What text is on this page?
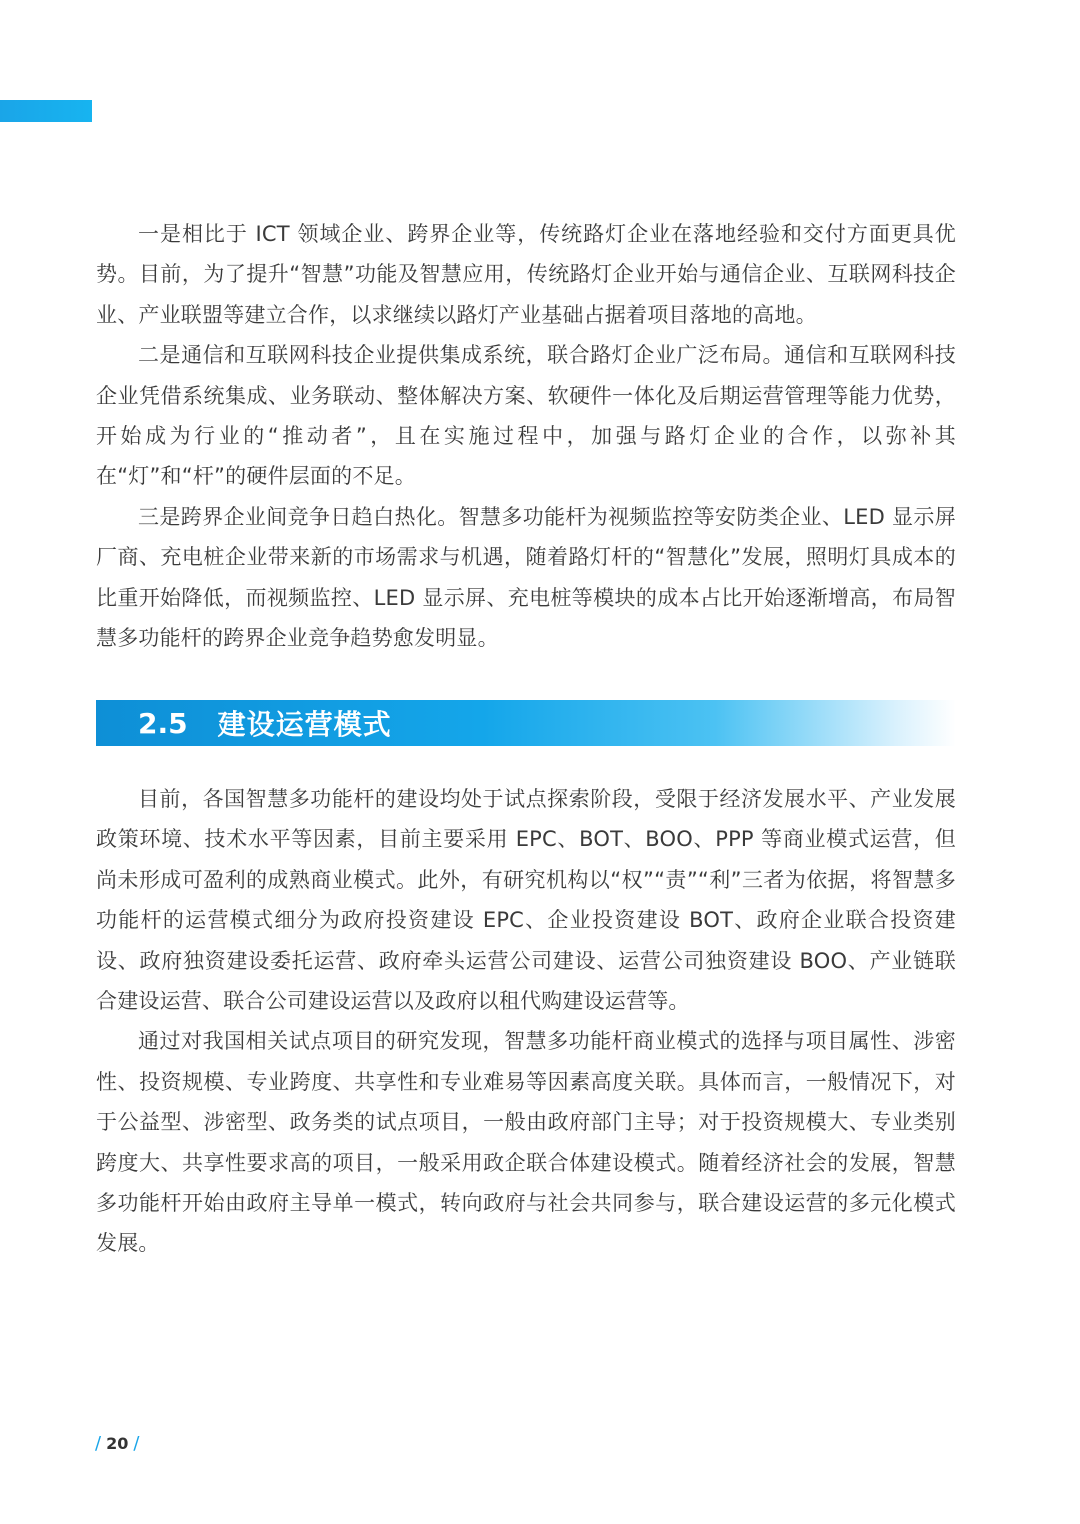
一是相比于 ICT 领域企业、跨界企业等，传统路灯企业在落地经验和交付方面更具优势。目前，为了提升“智慧”功能及智慧应用，传统路灯企业开始与通信企业、互联网科技企业、产业联盟等建立合作，以求继续以路灯产业基础占据着项目落地的高地。

二是通信和互联网科技企业提供集成系统，联合路灯企业广泛布局。通信和互联网科技企业凭借系统集成、业务联动、整体解决方案、软硬件一体化及后期运营管理等能力优势，开始成为行业的“推动者”，且在实施过程中，加强与路灯企业的合作，以弥补其在“灯”和“杆”的硬件层面的不足。

三是跨界企业间竞争日趋白热化。智慧多功能杆为视频监控等安防类企业、LED 显示屏厂商、充电桩企业带来新的市场需求与机遇，随着路灯杆的“智慧化”发展，照明灯具成本的比重开始降低，而视频监控、LED 显示屏、充电桩等模块的成本占比开始逐渐增高，布局智慧多功能杆的跨界企业竞争趋势愈发明显。

2.5 建设运营模式

目前，各国智慧多功能杆的建设均处于试点探索阶段，受限于经济发展水平、产业发展政策环境、技术水平等因素，目前主要采用 EPC、BOT、BOO、PPP 等商业模式运营，但尚未形成可盈利的成熟商业模式。此外，有研究机构以“权”“责”“利”三者为依据，将智慧多功能杆的运营模式细分为政府投资建设 EPC、企业投资建设 BOT、政府企业联合投资建设、政府独资建设委托运营、政府牵头运营公司建设、运营公司独资建设 BOO、产业链联合建设运营、联合公司建设运营以及政府以租代购建设运营等。

通过对我国相关试点项目的研究发现，智慧多功能杆商业模式的选择与项目属性、涉密性、投资规模、专业跨度、共享性和专业难易等因素高度关联。具体而言，一般情况下，对于公益型、涉密型、政务类的试点项目，一般由政府部门主导；对于投资规模大、专业类别跨度大、共享性要求高的项目，一般采用政企联合体建设模式。随着经济社会的发展，智慧多功能杆开始由政府主导单一模式，转向政府与社会共同参与，联合建设运营的多元化模式发展。

/ 20 /
